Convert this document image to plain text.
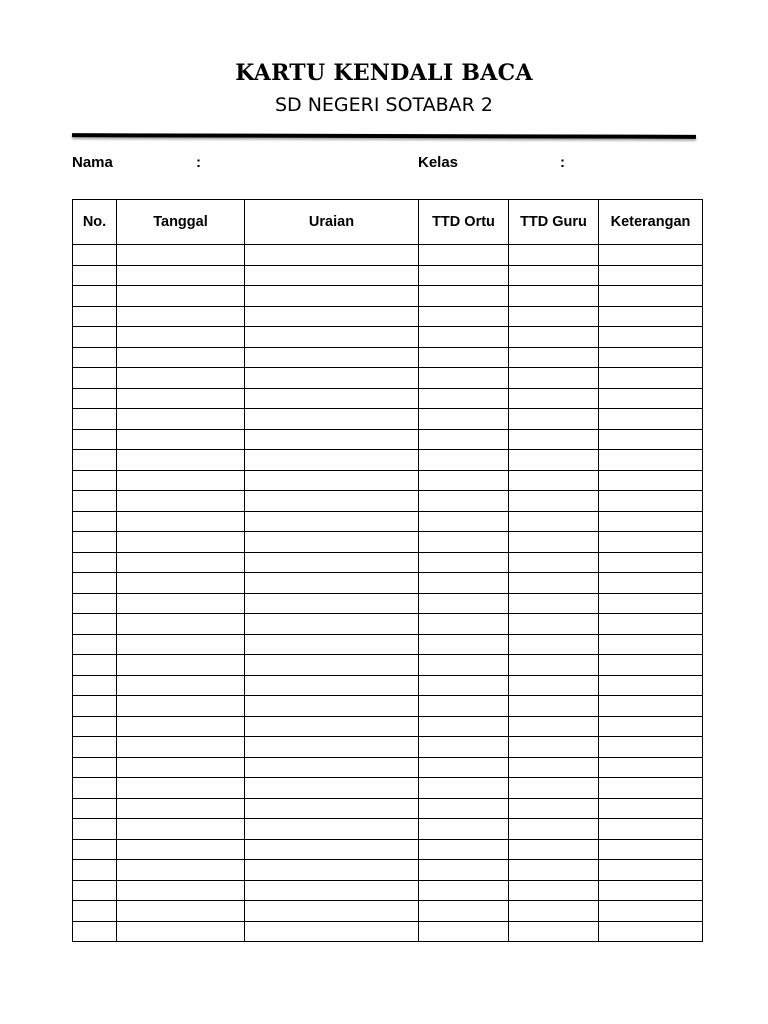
KARTU KENDALI BACA
SD NEGERI SOTABAR 2
Nama	:	Kelas	:
No.	Tanggal	Uraian	TTD Ortu	TTD Guru	Keterangan
